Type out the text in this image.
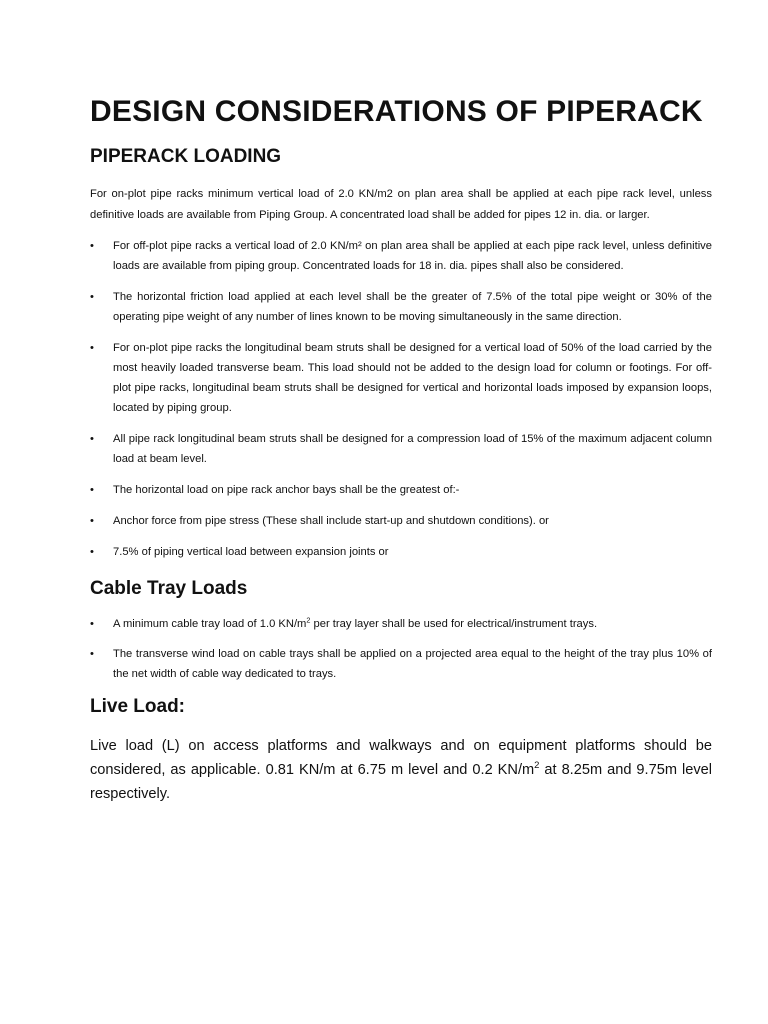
DESIGN CONSIDERATIONS OF PIPERACK
PIPERACK LOADING

For on-plot pipe racks minimum vertical load of 2.0 KN/m2 on plan area shall be applied at each pipe rack level, unless definitive loads are available from Piping Group. A concentrated load shall be added for pipes 12 in. dia. or larger.

•	For off-plot pipe racks a vertical load of 2.0 KN/m² on plan area shall be applied at each pipe rack level, unless definitive loads are available from piping group. Concentrated loads for 18 in. dia. pipes shall also be considered.
•	The horizontal friction load applied at each level shall be the greater of 7.5% of the total pipe weight or 30% of the operating pipe weight of any number of lines known to be moving simultaneously in the same direction.
•	For on-plot pipe racks the longitudinal beam struts shall be designed for a vertical load of 50% of the load carried by the most heavily loaded transverse beam. This load should not be added to the design load for column or footings. For off-plot pipe racks, longitudinal beam struts shall be designed for vertical and horizontal loads imposed by expansion loops, located by piping group.
•	All pipe rack longitudinal beam struts shall be designed for a compression load of 15% of the maximum adjacent column load at beam level.
•	The horizontal load on pipe rack anchor bays shall be the greatest of:-
•	Anchor force from pipe stress (These shall include start-up and shutdown conditions). or
•	7.5% of piping vertical load between expansion joints or
Cable Tray Loads
•	A minimum cable tray load of 1.0 $KN/m^2$ per tray layer shall be used for electrical/instrument trays.
•	The transverse wind load on cable trays shall be applied on a projected area equal to the height of the tray plus 10% of the net width of cable way dedicated to trays.
Live Load:

Live load (L) on access platforms and walkways and on equipment platforms should be considered, as applicable. 0.81 KN/m at 6.75 m level and 0.2 $KN/m^2$ at 8.25m and 9.75m level respectively.
